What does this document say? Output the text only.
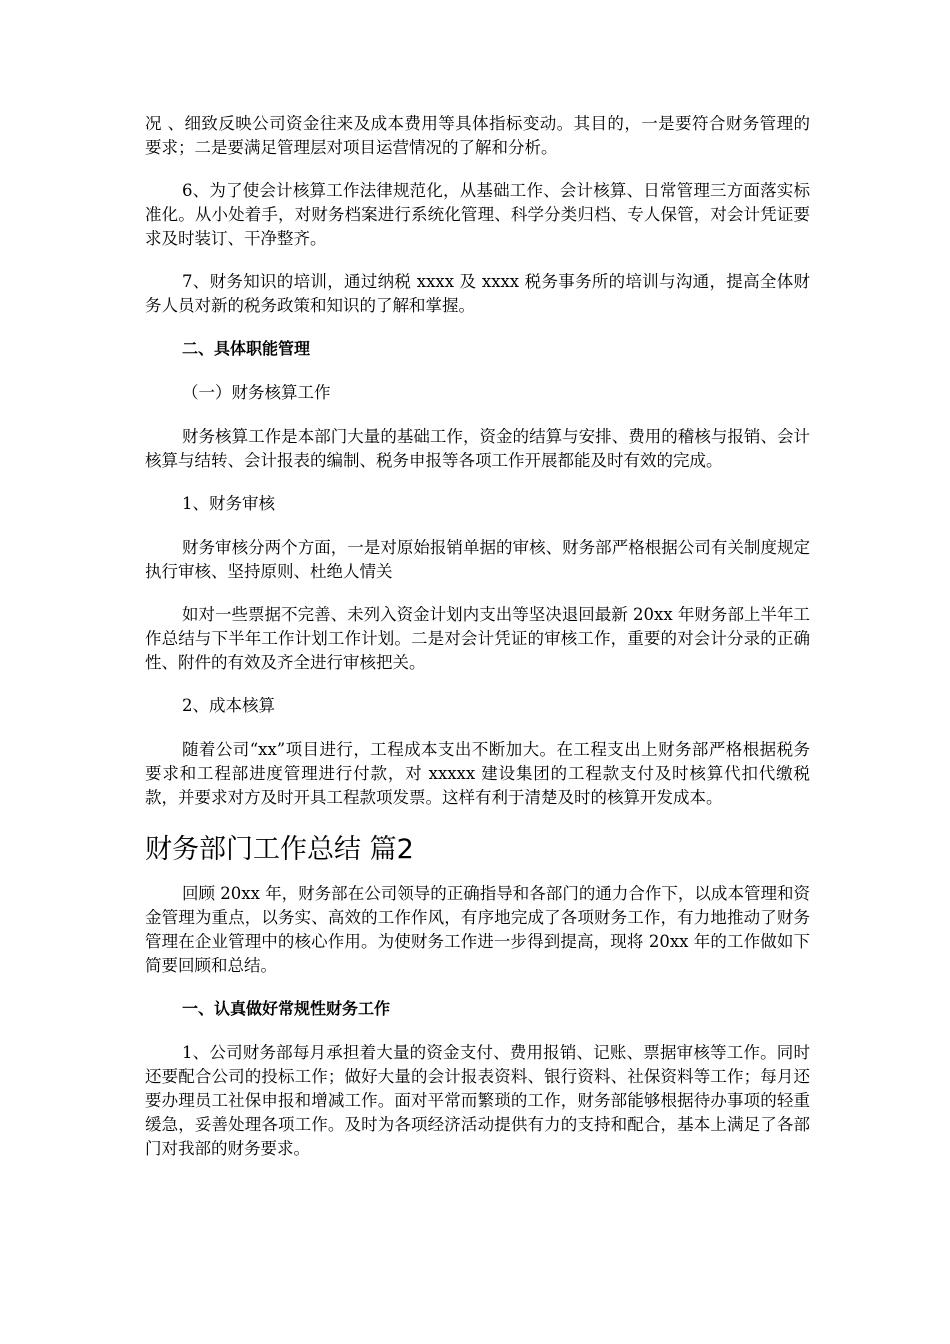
况 、细致反映公司资金往来及成本费用等具体指标变动。其目的，一是要符合财务管理的要求；二是要满足管理层对项目运营情况的了解和分析。

6、为了使会计核算工作法律规范化，从基础工作、会计核算、日常管理三方面落实标准化。从小处着手，对财务档案进行系统化管理、科学分类归档、专人保管，对会计凭证要求及时装订、干净整齐。

7、财务知识的培训，通过纳税 xxxx 及 xxxx 税务事务所的培训与沟通，提高全体财务人员对新的税务政策和知识的了解和掌握。

二、具体职能管理
（一）财务核算工作

财务核算工作是本部门大量的基础工作，资金的结算与安排、费用的稽核与报销、会计核算与结转、会计报表的编制、税务申报等各项工作开展都能及时有效的完成。

1、财务审核

财务审核分两个方面，一是对原始报销单据的审核、财务部严格根据公司有关制度规定执行审核、坚持原则、杜绝人情关

如对一些票据不完善、未列入资金计划内支出等坚决退回最新 20xx 年财务部上半年工作总结与下半年工作计划工作计划。二是对会计凭证的审核工作，重要的对会计分录的正确性、附件的有效及齐全进行审核把关。

2、成本核算

随着公司“xx”项目进行，工程成本支出不断加大。在工程支出上财务部严格根据税务要求和工程部进度管理进行付款，对 xxxxx 建设集团的工程款支付及时核算代扣代缴税款，并要求对方及时开具工程款项发票。这样有利于清楚及时的核算开发成本。

财务部门工作总结 篇2

回顾 20xx 年，财务部在公司领导的正确指导和各部门的通力合作下，以成本管理和资金管理为重点，以务实、高效的工作作风，有序地完成了各项财务工作，有力地推动了财务管理在企业管理中的核心作用。为使财务工作进一步得到提高，现将 20xx 年的工作做如下简要回顾和总结。

一、认真做好常规性财务工作

1、公司财务部每月承担着大量的资金支付、费用报销、记账、票据审核等工作。同时还要配合公司的投标工作；做好大量的会计报表资料、银行资料、社保资料等工作；每月还要办理员工社保申报和增减工作。面对平常而繁琐的工作，财务部能够根据待办事项的轻重缓急，妥善处理各项工作。及时为各项经济活动提供有力的支持和配合，基本上满足了各部门对我部的财务要求。
